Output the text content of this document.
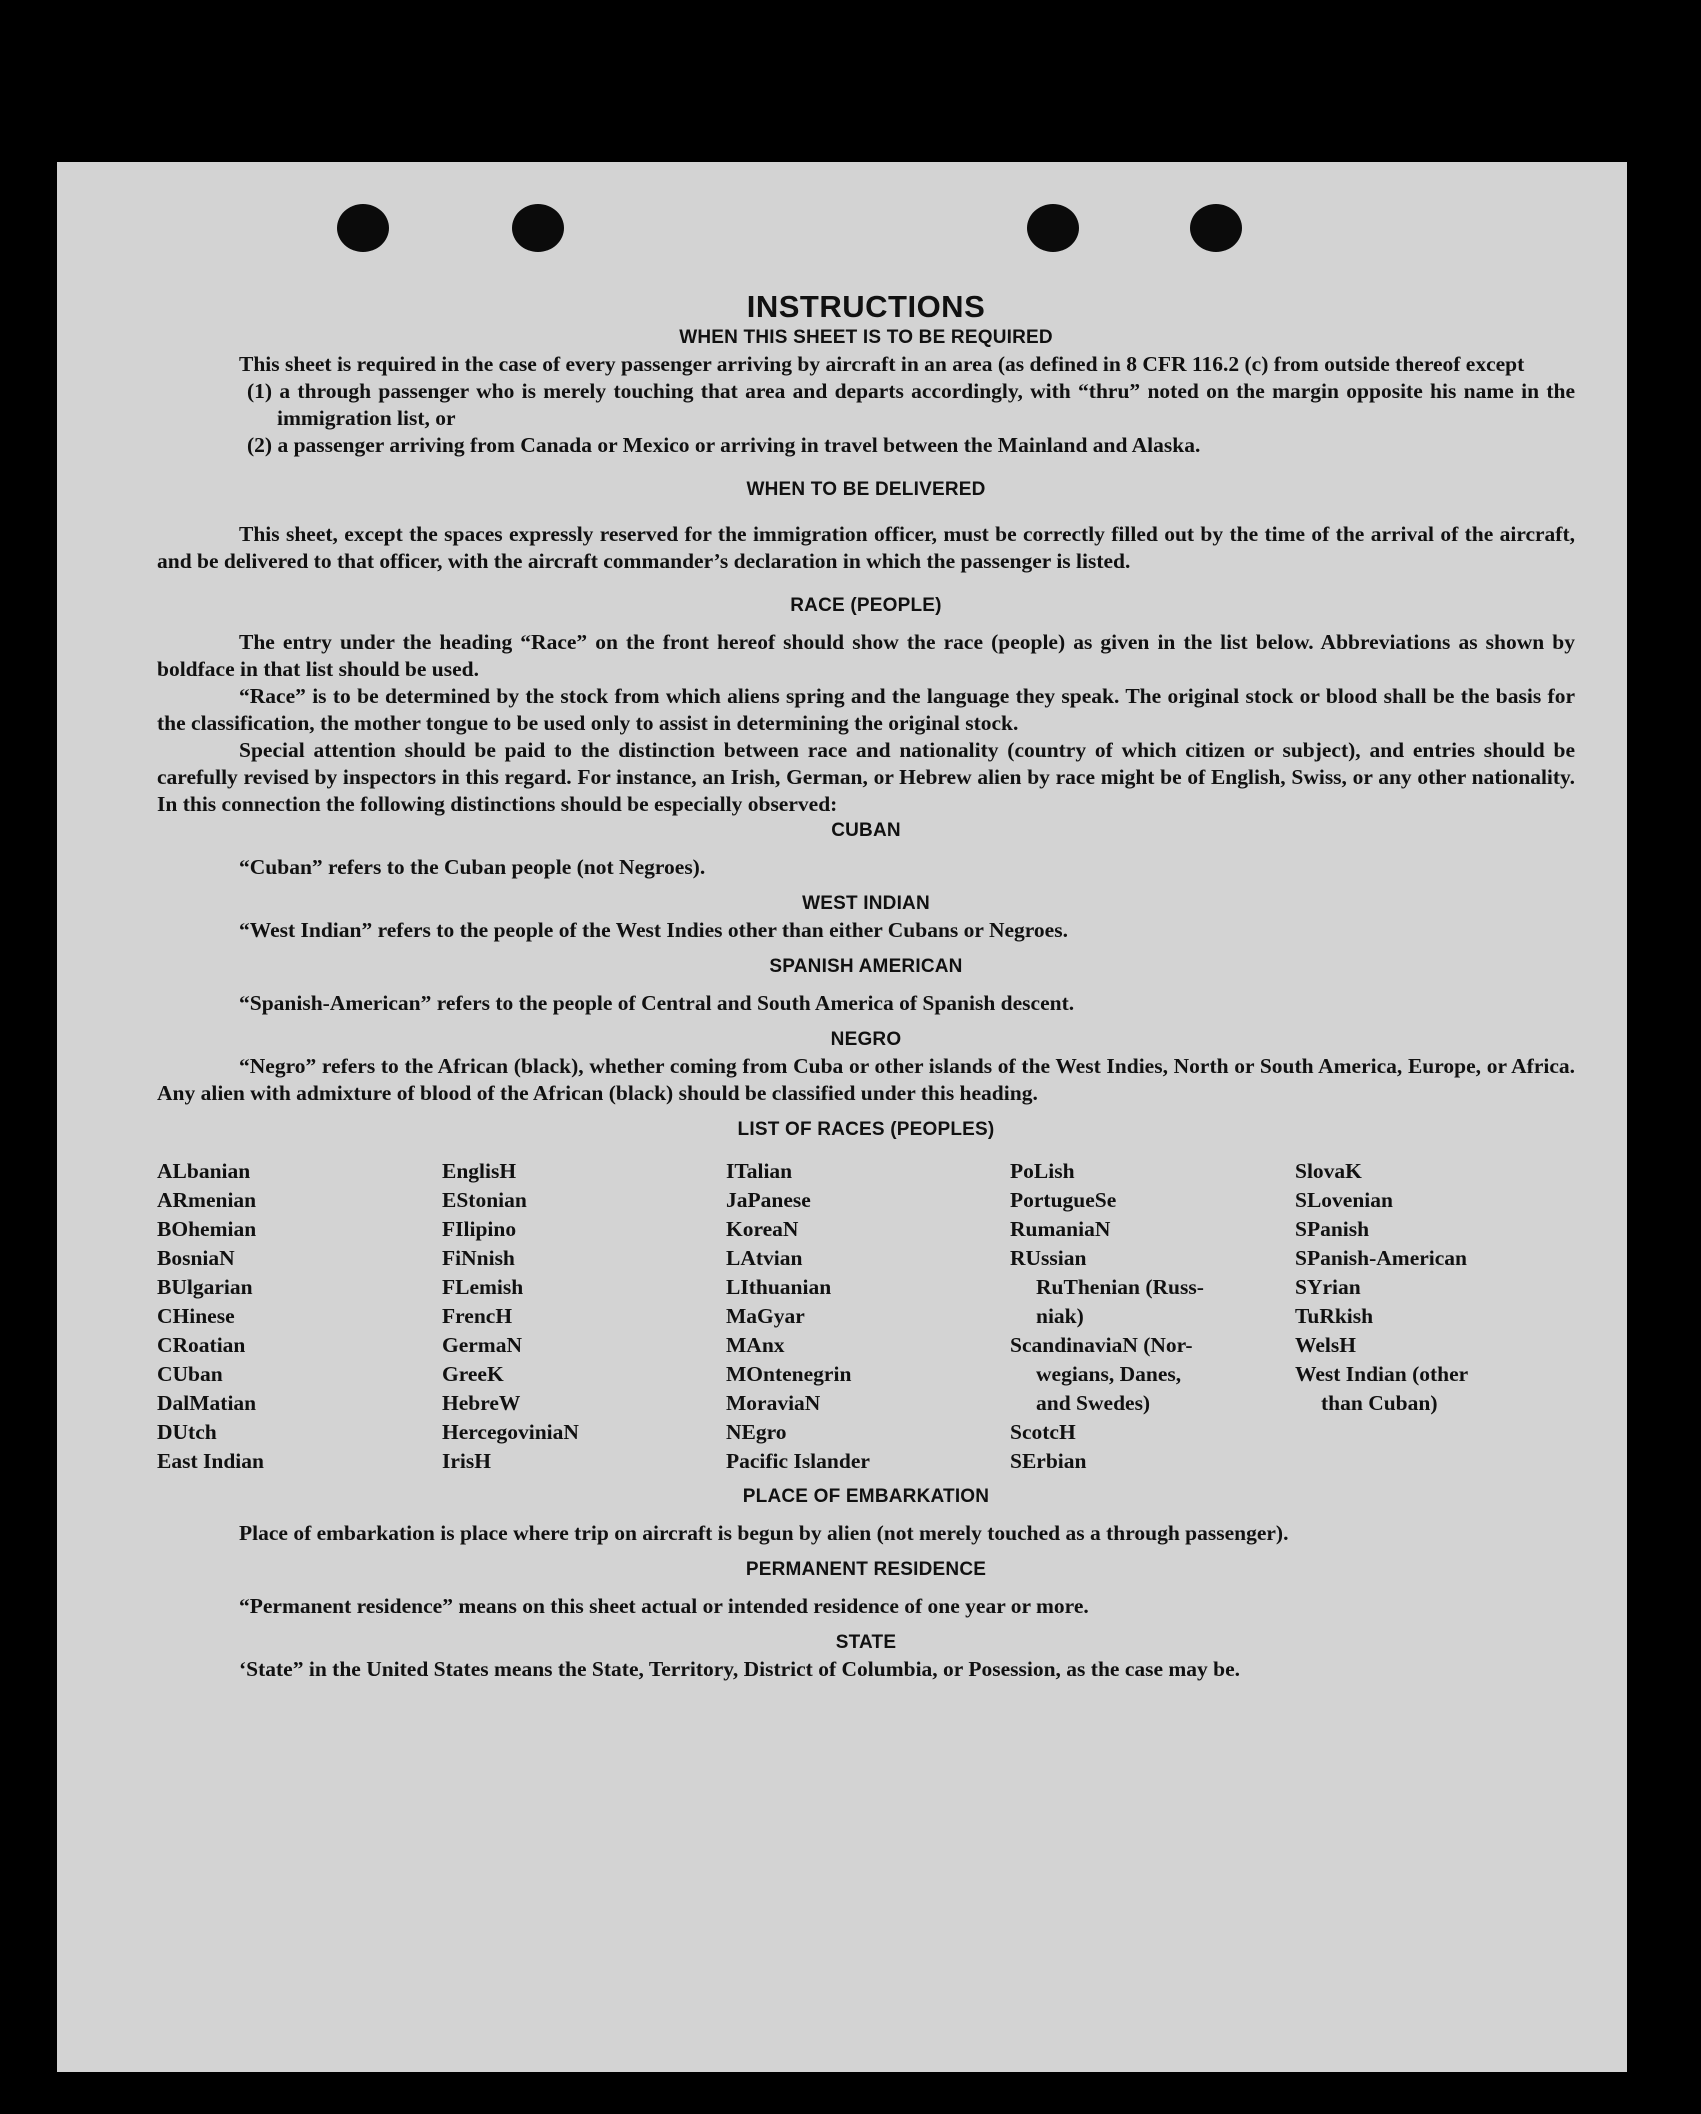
INSTRUCTIONS
WHEN THIS SHEET IS TO BE REQUIRED

This sheet is required in the case of every passenger arriving by aircraft in an area (as defined in 8 CFR 116.2 (c) from outside thereof except

(1) a through passenger who is merely touching that area and departs accordingly, with “thru” noted on the margin opposite his name in the immigration list, or

(2) a passenger arriving from Canada or Mexico or arriving in travel between the Mainland and Alaska.

WHEN TO BE DELIVERED

This sheet, except the spaces expressly reserved for the immigration officer, must be correctly filled out by the time of the arrival of the aircraft, and be delivered to that officer, with the aircraft commander’s declaration in which the passenger is listed.

RACE (PEOPLE)

The entry under the heading “Race” on the front hereof should show the race (people) as given in the list below. Abbreviations as shown by boldface in that list should be used.

“Race” is to be determined by the stock from which aliens spring and the language they speak. The original stock or blood shall be the basis for the classification, the mother tongue to be used only to assist in determining the original stock.

Special attention should be paid to the distinction between race and nationality (country of which citizen or subject), and entries should be carefully revised by inspectors in this regard. For instance, an Irish, German, or Hebrew alien by race might be of English, Swiss, or any other nationality. In this connection the following distinctions should be especially observed:

CUBAN

“Cuban” refers to the Cuban people (not Negroes).

WEST INDIAN

“West Indian” refers to the people of the West Indies other than either Cubans or Negroes.

SPANISH AMERICAN

“Spanish-American” refers to the people of Central and South America of Spanish descent.

NEGRO

“Negro” refers to the African (black), whether coming from Cuba or other islands of the West Indies, North or South America, Europe, or Africa. Any alien with admixture of blood of the African (black) should be classified under this heading.

LIST OF RACES (PEOPLES)
ALbanian
ARmenian
BOhemian
BosniaN
BUlgarian
CHinese
CRoatian
CUban
DalMatian
DUtch
East Indian
EnglisH
EStonian
FIlipino
FiNnish
FLemish
FrencH
GermaN
GreeK
HebreW
HercegovinіaN
IrisH
ITalian
JaPanese
KoreaN
LAtvian
LIthuanian
MaGyar
MAnx
MOntenegrin
MoraviaN
NEgro
Pacific Islander
PoLish
PortugueSe
RumaniaN
RUssian
RuThenian (Russ-
niak)
ScandinaviaN (Nor-
wegians, Danes,
and Swedes)
ScotcH
SErbian
SlovaK
SLovenian
SPanish
SPanish-American
SYrian
TuRkish
WelsH
West Indian (other
than Cuban)
PLACE OF EMBARKATION

Place of embarkation is place where trip on aircraft is begun by alien (not merely touched as a through passenger).

PERMANENT RESIDENCE

“Permanent residence” means on this sheet actual or intended residence of one year or more.

STATE

‘State” in the United States means the State, Territory, District of Columbia, or Posession, as the case may be.
